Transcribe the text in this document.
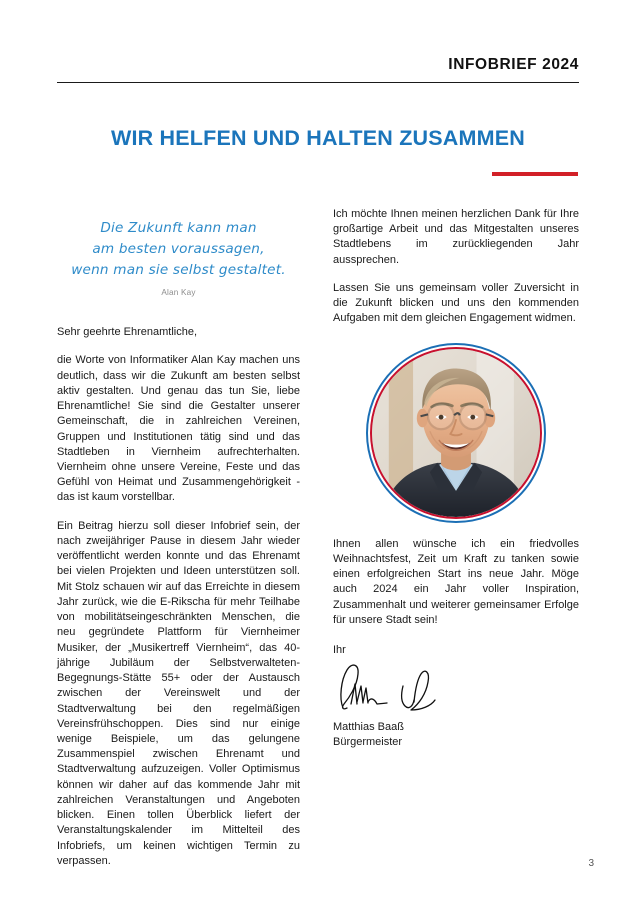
INFOBRIEF 2024
WIR HELFEN UND HALTEN ZUSAMMEN
Die Zukunft kann man
am besten voraussagen,
wenn man sie selbst gestaltet.
Alan Kay
Sehr geehrte Ehrenamtliche,

die Worte von Informatiker Alan Kay machen uns deutlich, dass wir die Zukunft am besten selbst aktiv gestalten. Und genau das tun Sie, liebe Ehrenamtliche! Sie sind die Gestalter unserer Gemeinschaft, die in zahlreichen Vereinen, Gruppen und Institutionen tätig sind und das Stadtleben in Viernheim aufrechterhalten. Viernheim ohne unsere Vereine, Feste und das Gefühl von Heimat und Zusammengehörigkeit - das ist kaum vorstellbar.

Ein Beitrag hierzu soll dieser Infobrief sein, der nach zweijähriger Pause in diesem Jahr wieder veröffentlicht werden konnte und das Ehrenamt bei vielen Projekten und Ideen unterstützen soll. Mit Stolz schauen wir auf das Erreichte in diesem Jahr zurück, wie die E-Rikscha für mehr Teilhabe von mobilitätseingeschränkten Menschen, die neu gegründete Plattform für Viernheimer Musiker, der „Musikertreff Viernheim“, das 40-jährige Jubiläum der Selbstverwalteten-Begegnungs-Stätte 55+ oder der Austausch zwischen der Vereinswelt und der Stadtverwaltung bei den regelmäßigen Vereinsfrühschoppen. Dies sind nur einige wenige Beispiele, um das gelungene Zusammenspiel zwischen Ehrenamt und Stadtverwaltung aufzuzeigen. Voller Optimismus können wir daher auf das kommende Jahr mit zahlreichen Veranstaltungen und Angeboten blicken. Einen tollen Überblick liefert der Veranstaltungskalender im Mittelteil des Infobriefs, um keinen wichtigen Termin zu verpassen.

Ich möchte Ihnen meinen herzlichen Dank für Ihre großartige Arbeit und das Mitgestalten unseres Stadtlebens im zurückliegenden Jahr aussprechen.

Lassen Sie uns gemeinsam voller Zuversicht in die Zukunft blicken und uns den kommenden Aufgaben mit dem gleichen Engagement widmen.

Ihnen allen wünsche ich ein friedvolles Weihnachtsfest, Zeit um Kraft zu tanken sowie einen erfolgreichen Start ins neue Jahr. Möge auch 2024 ein Jahr voller Inspiration, Zusammenhalt und weiterer gemeinsamer Erfolge für unsere Stadt sein!

Ihr
Matthias Baaß
Bürgermeister
3
